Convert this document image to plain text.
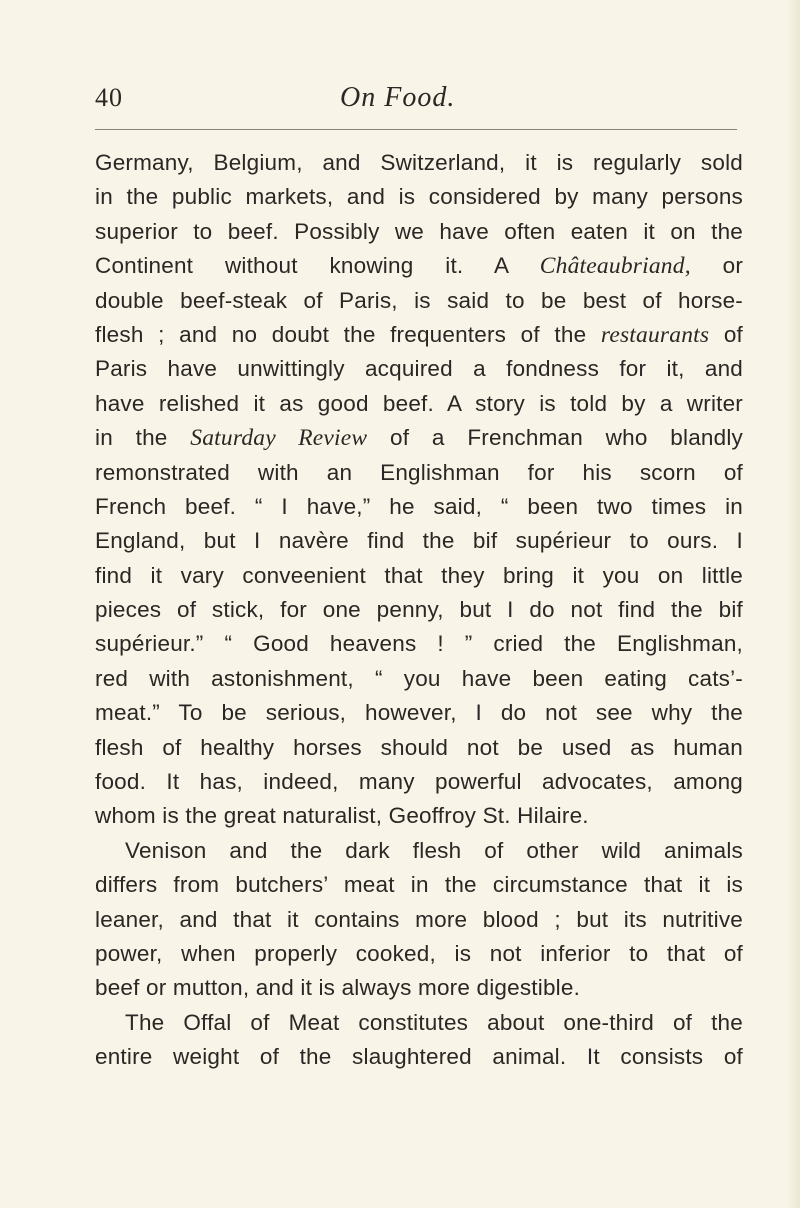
40	On Food.
Germany, Belgium, and Switzerland, it is regularly sold
in the public markets, and is considered by many persons
superior to beef. Possibly we have often eaten it on the
Continent without knowing it. A Châteaubriand, or
double beef-steak of Paris, is said to be best of horse-
flesh ; and no doubt the frequenters of the restaurants of
Paris have unwittingly acquired a fondness for it, and
have relished it as good beef. A story is told by a writer
in the Saturday Review of a Frenchman who blandly
remonstrated with an Englishman for his scorn of
French beef. “ I have,” he said, “ been two times in
England, but I navère find the bif supérieur to ours. I
find it vary conveenient that they bring it you on little
pieces of stick, for one penny, but I do not find the bif
supérieur.” “ Good heavens ! ” cried the Englishman,
red with astonishment, “ you have been eating cats’-
meat.” To be serious, however, I do not see why the
flesh of healthy horses should not be used as human
food. It has, indeed, many powerful advocates, among
whom is the great naturalist, Geoffroy St. Hilaire.
Venison and the dark flesh of other wild animals
differs from butchers’ meat in the circumstance that it is
leaner, and that it contains more blood ; but its nutritive
power, when properly cooked, is not inferior to that of
beef or mutton, and it is always more digestible.
The Offal of Meat constitutes about one-third of the
entire weight of the slaughtered animal. It consists of
